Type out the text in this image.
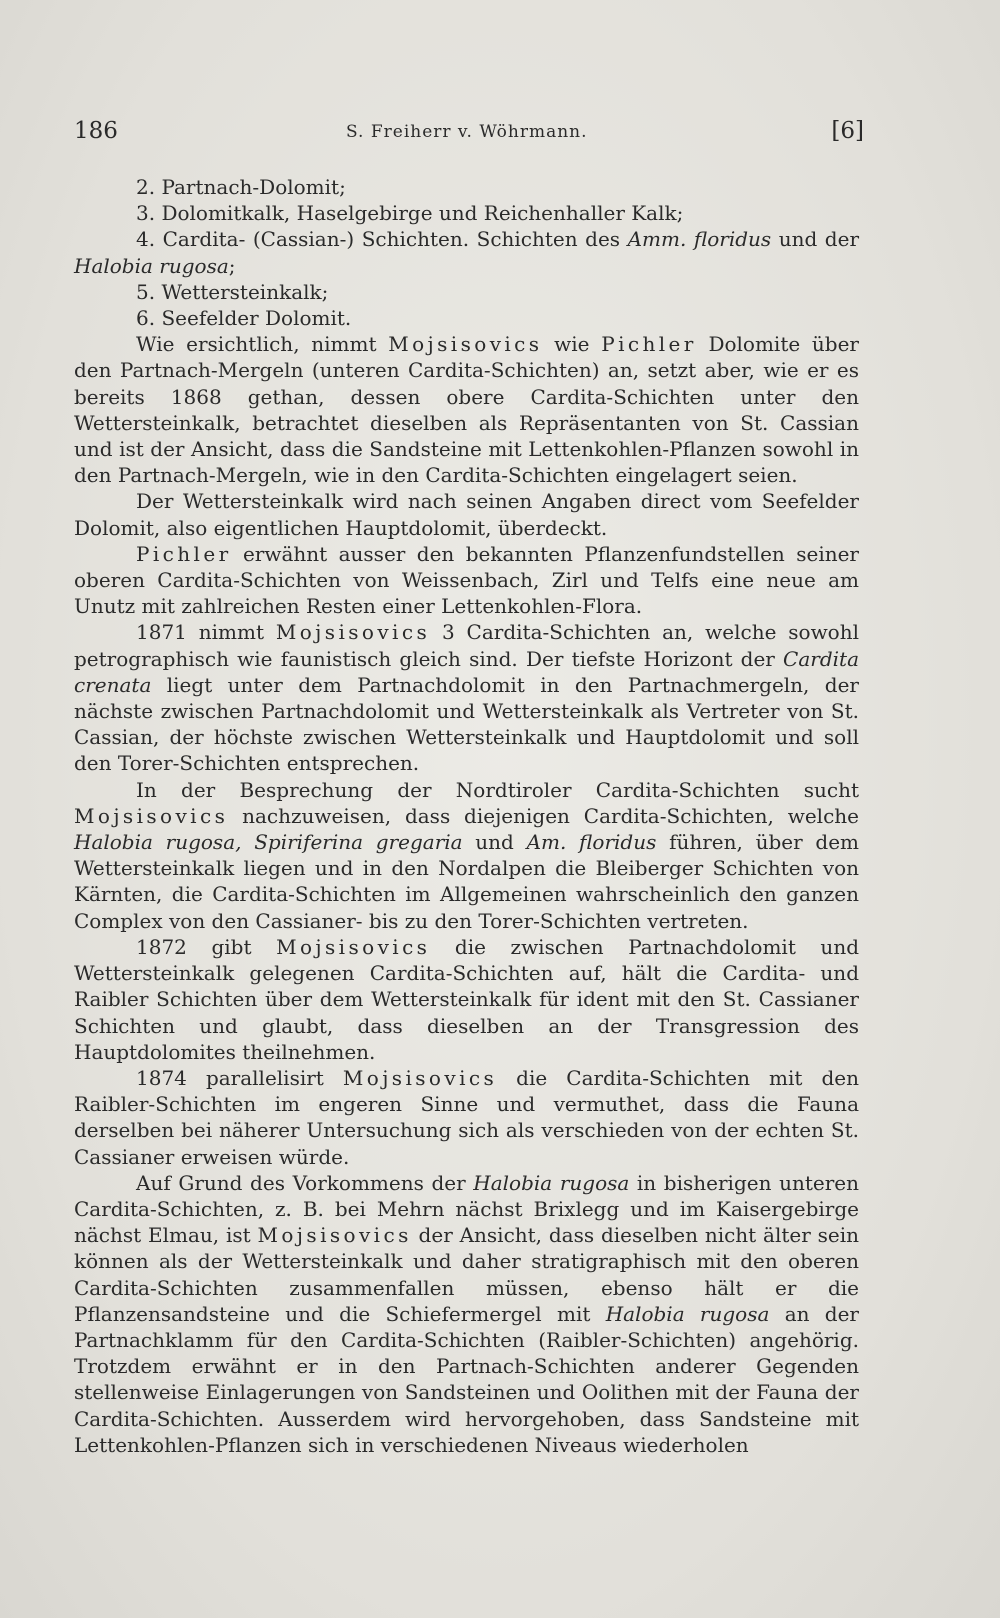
186	S. Freiherr v. Wöhrmann.	[6]

2. Partnach-Dolomit;

3. Dolomitkalk, Haselgebirge und Reichenhaller Kalk;

4. Cardita- (Cassian-) Schichten. Schichten des Amm. floridus und der Halobia rugosa;

5. Wettersteinkalk;

6. Seefelder Dolomit.

Wie ersichtlich, nimmt Mojsisovics wie Pichler Dolomite über den Partnach-Mergeln (unteren Cardita-Schichten) an, setzt aber, wie er es bereits 1868 gethan, dessen obere Cardita-Schichten unter den Wettersteinkalk, betrachtet dieselben als Repräsentanten von St. Cassian und ist der Ansicht, dass die Sandsteine mit Lettenkohlen-Pflanzen sowohl in den Partnach-Mergeln, wie in den Cardita-Schichten eingelagert seien.

Der Wettersteinkalk wird nach seinen Angaben direct vom Seefelder Dolomit, also eigentlichen Hauptdolomit, überdeckt.

Pichler erwähnt ausser den bekannten Pflanzenfundstellen seiner oberen Cardita-Schichten von Weissenbach, Zirl und Telfs eine neue am Unutz mit zahlreichen Resten einer Lettenkohlen-Flora.

1871 nimmt Mojsisovics 3 Cardita-Schichten an, welche sowohl petrographisch wie faunistisch gleich sind. Der tiefste Horizont der Cardita crenata liegt unter dem Partnachdolomit in den Partnachmergeln, der nächste zwischen Partnachdolomit und Wettersteinkalk als Vertreter von St. Cassian, der höchste zwischen Wettersteinkalk und Hauptdolomit und soll den Torer-Schichten entsprechen.

In der Besprechung der Nordtiroler Cardita-Schichten sucht Mojsisovics nachzuweisen, dass diejenigen Cardita-Schichten, welche Halobia rugosa, Spiriferina gregaria und Am. floridus führen, über dem Wettersteinkalk liegen und in den Nordalpen die Bleiberger Schichten von Kärnten, die Cardita-Schichten im Allgemeinen wahrscheinlich den ganzen Complex von den Cassianer- bis zu den Torer-Schichten vertreten.

1872 gibt Mojsisovics die zwischen Partnachdolomit und Wettersteinkalk gelegenen Cardita-Schichten auf, hält die Cardita- und Raibler Schichten über dem Wettersteinkalk für ident mit den St. Cassianer Schichten und glaubt, dass dieselben an der Transgression des Hauptdolomites theilnehmen.

1874 parallelisirt Mojsisovics die Cardita-Schichten mit den Raibler-Schichten im engeren Sinne und vermuthet, dass die Fauna derselben bei näherer Untersuchung sich als verschieden von der echten St. Cassianer erweisen würde.

Auf Grund des Vorkommens der Halobia rugosa in bisherigen unteren Cardita-Schichten, z. B. bei Mehrn nächst Brixlegg und im Kaisergebirge nächst Elmau, ist Mojsisovics der Ansicht, dass dieselben nicht älter sein können als der Wettersteinkalk und daher stratigraphisch mit den oberen Cardita-Schichten zusammenfallen müssen, ebenso hält er die Pflanzensandsteine und die Schiefermergel mit Halobia rugosa an der Partnachklamm für den Cardita-Schichten (Raibler-Schichten) angehörig. Trotzdem erwähnt er in den Partnach-Schichten anderer Gegenden stellenweise Einlagerungen von Sandsteinen und Oolithen mit der Fauna der Cardita-Schichten. Ausserdem wird hervorgehoben, dass Sandsteine mit Lettenkohlen-Pflanzen sich in verschiedenen Niveaus wiederholen
